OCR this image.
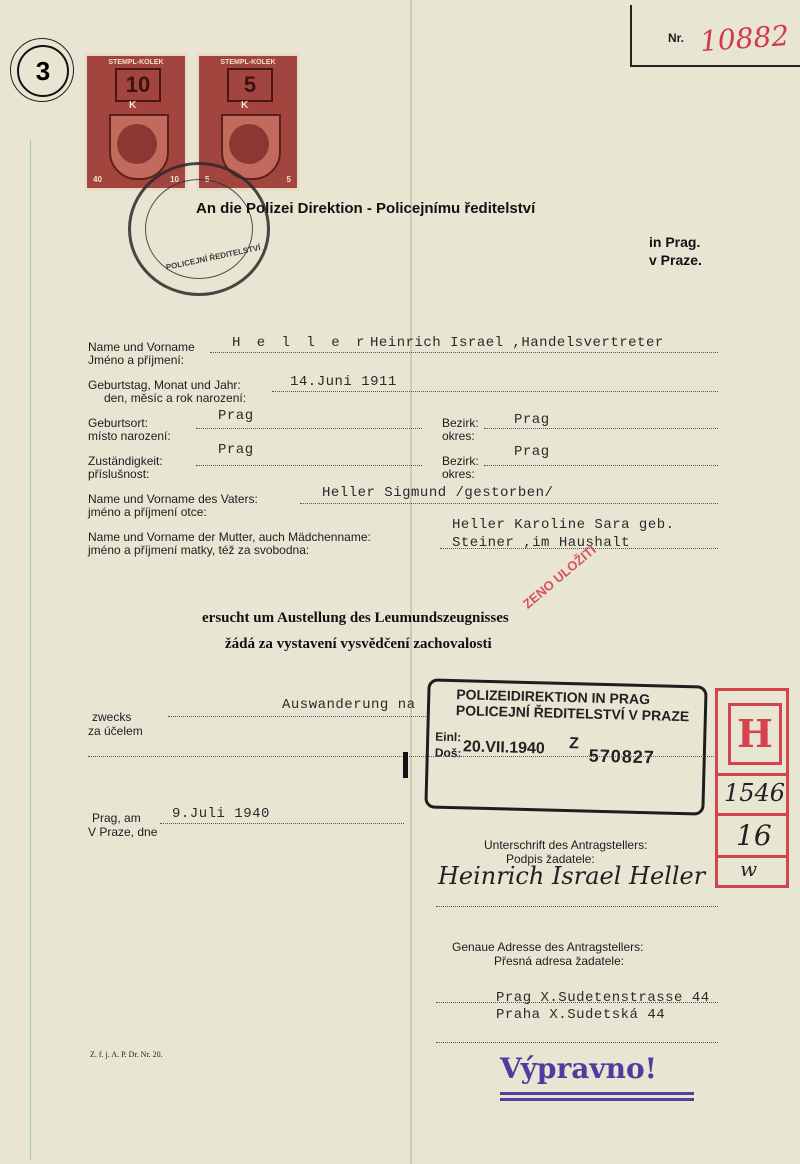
Nr. 10882
3	STEMPL-KOLEK
10
K
40	10
STEMPL-KOLEK
5
K
5	5
POLICEJNÍ ŘEDITELSTVÍ
An die Polizei Direktion - Policejnímu ředitelství
in Prag.
v Praze.
Name und Vorname
Jméno a příjmení:
H e l l e r Heinrich Israel ,Handelsvertreter
Geburtstag, Monat und Jahr:
den, měsíc a rok narození:
14.Juni 1911
Geburtsort:
místo narození:
Prag	Bezirk:
okres:
Prag
Zuständigkeit:
příslušnost:
Prag
Bezirk:
okres:
Prag
Name und Vorname des Vaters:
jméno a příjmení otce:
Heller Sigmund /gestorben/
Name und Vorname der Mutter, auch Mädchenname:
jméno a příjmení matky, též za svobodna:
Heller Karoline Sara geb.
Steiner ,im Haushalt
ersucht um Austellung des Leumundszeugnisses
žádá za vystavení vysvědčení zachovalosti
ZENO ULOŽITI
Auswanderung na
zwecks
za účelem
POLIZEIDIREKTION IN PRAG
POLICEJNÍ ŘEDITELSTVÍ V PRAZE
Einl:
Doš: 20.VII.1940 Z
570827
H
1546
16
w
Prag, am
V Praze, dne
9.Juli 1940
Unterschrift des Antragstellers:
Podpis žadatele:
Heinrich Israel Heller
Genaue Adresse des Antragstellers:
Přesná adresa žadatele:
Prag X.Sudetenstrasse 44
Praha X.Sudetská 44
Z. f. j. A. P. Dr. Nr. 20.	Výpravno!
